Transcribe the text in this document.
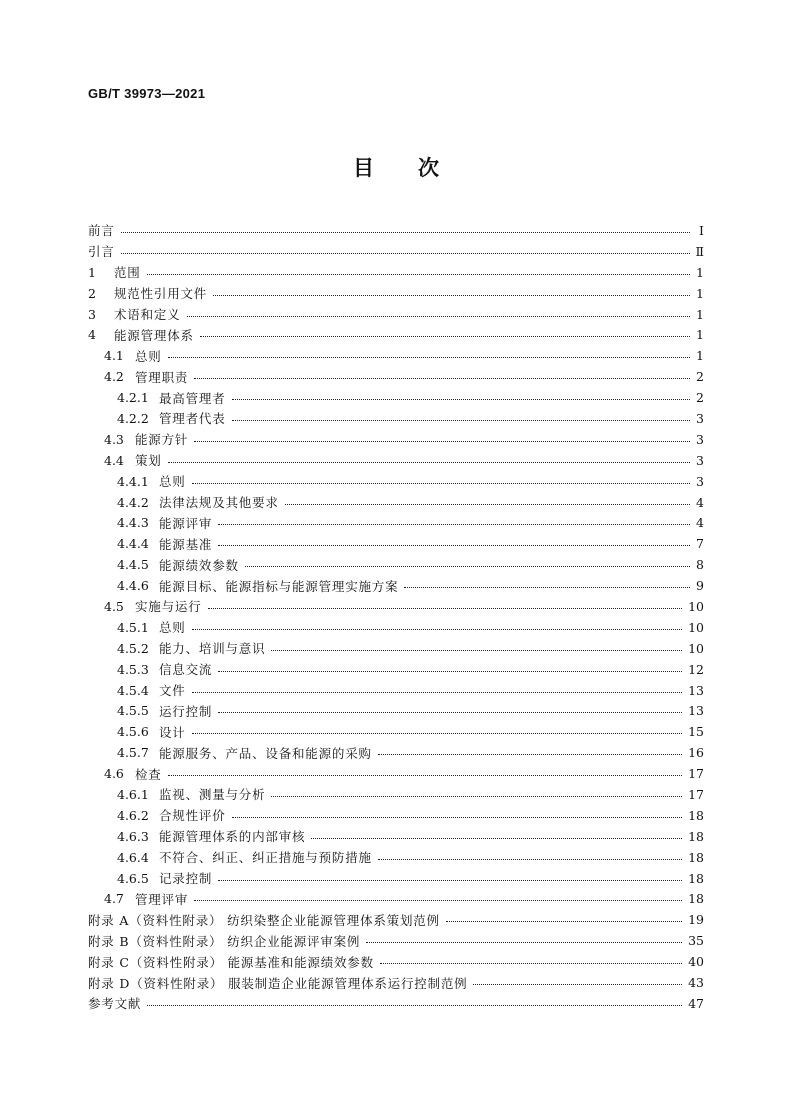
GB/T 39973—2021
目次
前言	Ⅰ
引言	Ⅱ
1	范围	1
2	规范性引用文件	1
3	术语和定义	1
4	能源管理体系	1
4.1 总则	1
4.2 管理职责	2
4.2.1 最高管理者	2
4.2.2 管理者代表	3
4.3 能源方针	3
4.4 策划	3
4.4.1 总则	3
4.4.2 法律法规及其他要求	4
4.4.3 能源评审	4
4.4.4 能源基准	7
4.4.5 能源绩效参数	8
4.4.6 能源目标、能源指标与能源管理实施方案	9
4.5 实施与运行	10
4.5.1 总则	10
4.5.2 能力、培训与意识	10
4.5.3 信息交流	12
4.5.4 文件	13
4.5.5 运行控制	13
4.5.6 设计	15
4.5.7 能源服务、产品、设备和能源的采购	16
4.6 检查	17
4.6.1 监视、测量与分析	17
4.6.2 合规性评价	18
4.6.3 能源管理体系的内部审核	18
4.6.4 不符合、纠正、纠正措施与预防措施	18
4.6.5 记录控制	18
4.7 管理评审	18
附录 A（资料性附录） 纺织染整企业能源管理体系策划范例	19
附录 B（资料性附录） 纺织企业能源评审案例	35
附录 C（资料性附录） 能源基准和能源绩效参数	40
附录 D（资料性附录） 服装制造企业能源管理体系运行控制范例	43
参考文献	47
